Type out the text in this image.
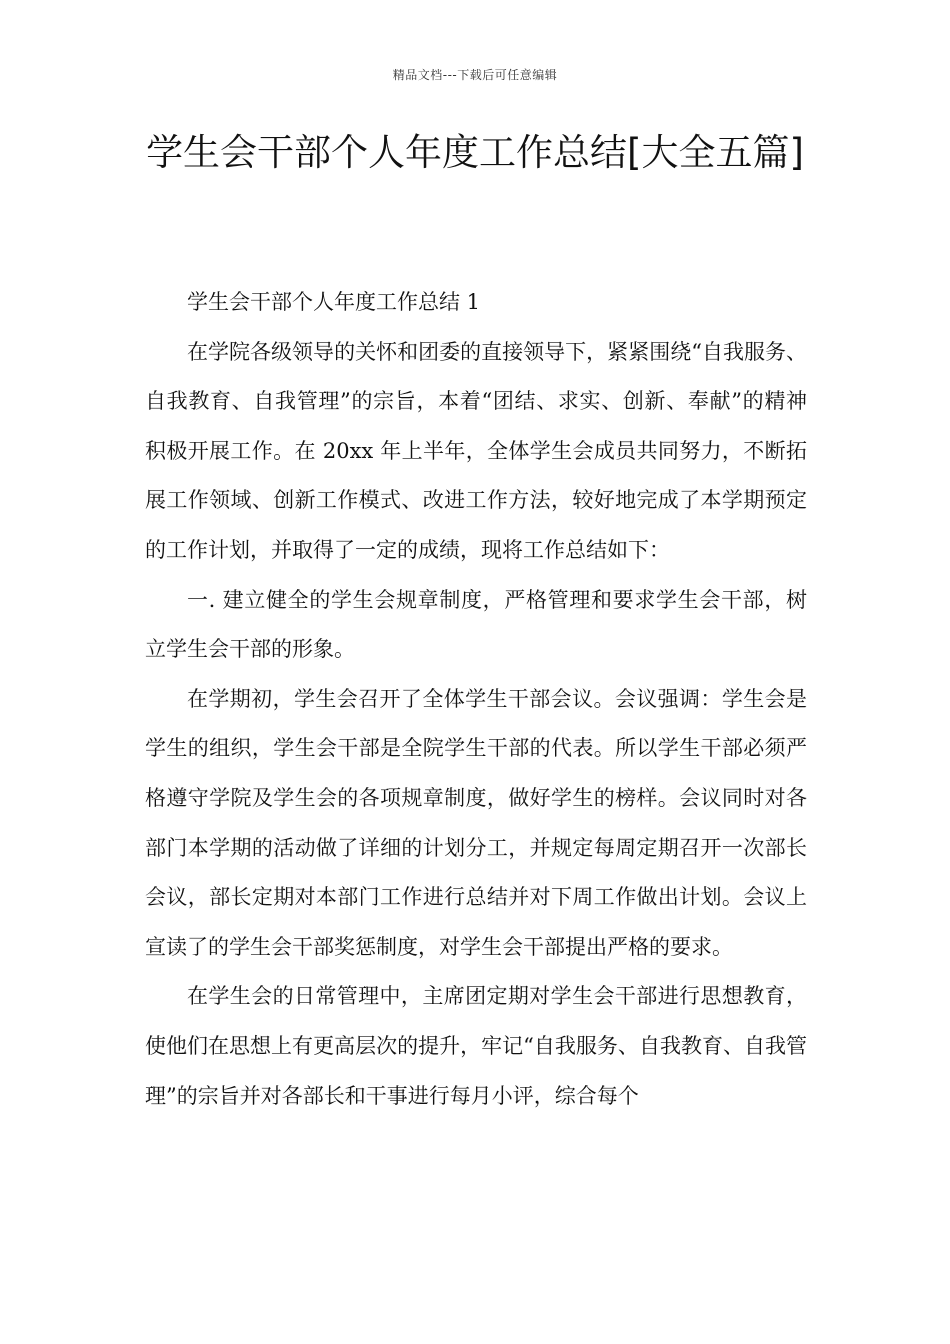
精品文档---下载后可任意编辑
学生会干部个人年度工作总结[大全五篇]

学生会干部个人年度工作总结 1

在学院各级领导的关怀和团委的直接领导下，紧紧围绕“自我服务、自我教育、自我管理”的宗旨，本着“团结、求实、创新、奉献”的精神积极开展工作。在 20xx 年上半年，全体学生会成员共同努力，不断拓展工作领域、创新工作模式、改进工作方法，较好地完成了本学期预定的工作计划，并取得了一定的成绩，现将工作总结如下：

一. 建立健全的学生会规章制度，严格管理和要求学生会干部，树立学生会干部的形象。

在学期初，学生会召开了全体学生干部会议。会议强调：学生会是学生的组织，学生会干部是全院学生干部的代表。所以学生干部必须严格遵守学院及学生会的各项规章制度，做好学生的榜样。会议同时对各部门本学期的活动做了详细的计划分工，并规定每周定期召开一次部长会议，部长定期对本部门工作进行总结并对下周工作做出计划。会议上宣读了的学生会干部奖惩制度，对学生会干部提出严格的要求。

在学生会的日常管理中，主席团定期对学生会干部进行思想教育，使他们在思想上有更高层次的提升，牢记“自我服务、自我教育、自我管理”的宗旨并对各部长和干事进行每月小评，综合每个
